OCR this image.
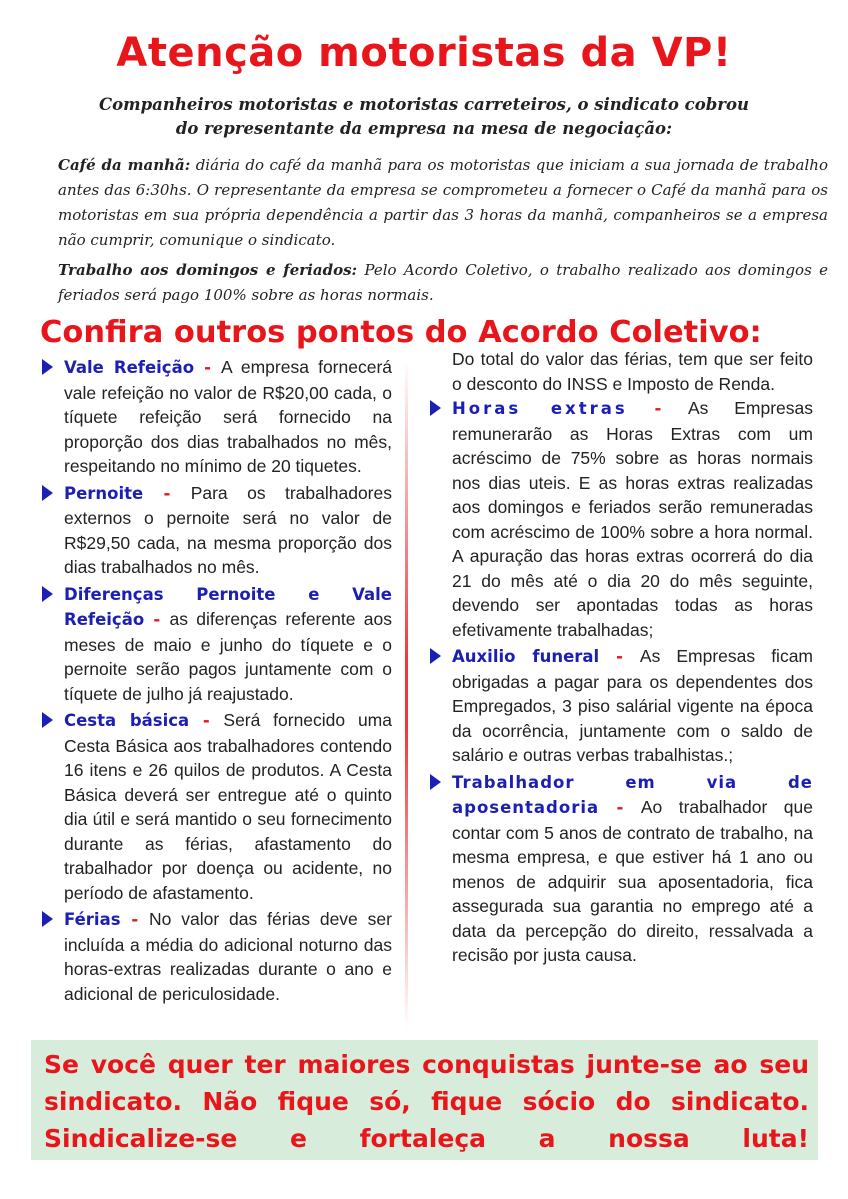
Atenção motoristas da VP!
Companheiros motoristas e motoristas carreteiros, o sindicato cobrou
do representante da empresa na mesa de negociação:
Café da manhã: diária do café da manhã para os motoristas que iniciam a sua jornada de trabalho antes das 6:30hs. O representante da empresa se comprometeu a fornecer o Café da manhã para os motoristas em sua própria dependência a partir das 3 horas da manhã, companheiros se a empresa não cumprir, comunique o sindicato.
Trabalho aos domingos e feriados: Pelo Acordo Coletivo, o trabalho realizado aos domingos e feriados será pago 100% sobre as horas normais.
Confira outros pontos do Acordo Coletivo:
Vale Refeição - A empresa fornecerá vale refeição no valor de R$20,00 cada, o tíquete refeição será fornecido na proporção dos dias trabalhados no mês, respeitando no mínimo de 20 tiquetes.
Pernoite - Para os trabalhadores externos o pernoite será no valor de R$29,50 cada, na mesma proporção dos dias trabalhados no mês.
Diferenças Pernoite e Vale Refeição - as diferenças referente aos meses de maio e junho do tíquete e o pernoite serão pagos juntamente com o tíquete de julho já reajustado.
Cesta básica - Será fornecido uma Cesta Básica aos trabalhadores contendo 16 itens e 26 quilos de produtos. A Cesta Básica deverá ser entregue até o quinto dia útil e será mantido o seu fornecimento durante as férias, afastamento do trabalhador por doença ou acidente, no período de afastamento.
Férias - No valor das férias deve ser incluída a média do adicional noturno das horas-extras realizadas durante o ano e adicional de periculosidade.
Do total do valor das férias, tem que ser feito o desconto do INSS e Imposto de Renda.
Horas extras - As Empresas remunerarão as Horas Extras com um acréscimo de 75% sobre as horas normais nos dias uteis. E as horas extras realizadas aos domingos e feriados serão remuneradas com acréscimo de 100% sobre a hora normal. A apuração das horas extras ocorrerá do dia 21 do mês até o dia 20 do mês seguinte, devendo ser apontadas todas as horas efetivamente trabalhadas;
Auxilio funeral - As Empresas ficam obrigadas a pagar para os dependentes dos Empregados, 3 piso salárial vigente na época da ocorrência, juntamente com o saldo de salário e outras verbas trabalhistas.;
Trabalhador em via de aposentadoria - Ao trabalhador que contar com 5 anos de contrato de trabalho, na mesma empresa, e que estiver há 1 ano ou menos de adquirir sua aposentadoria, fica assegurada sua garantia no emprego até a data da percepção do direito, ressalvada a recisão por justa causa.
Se você quer ter maiores conquistas junte-se ao seu sindicato. Não fique só, fique sócio do sindicato. Sindicalize-se e fortaleça a nossa luta!
